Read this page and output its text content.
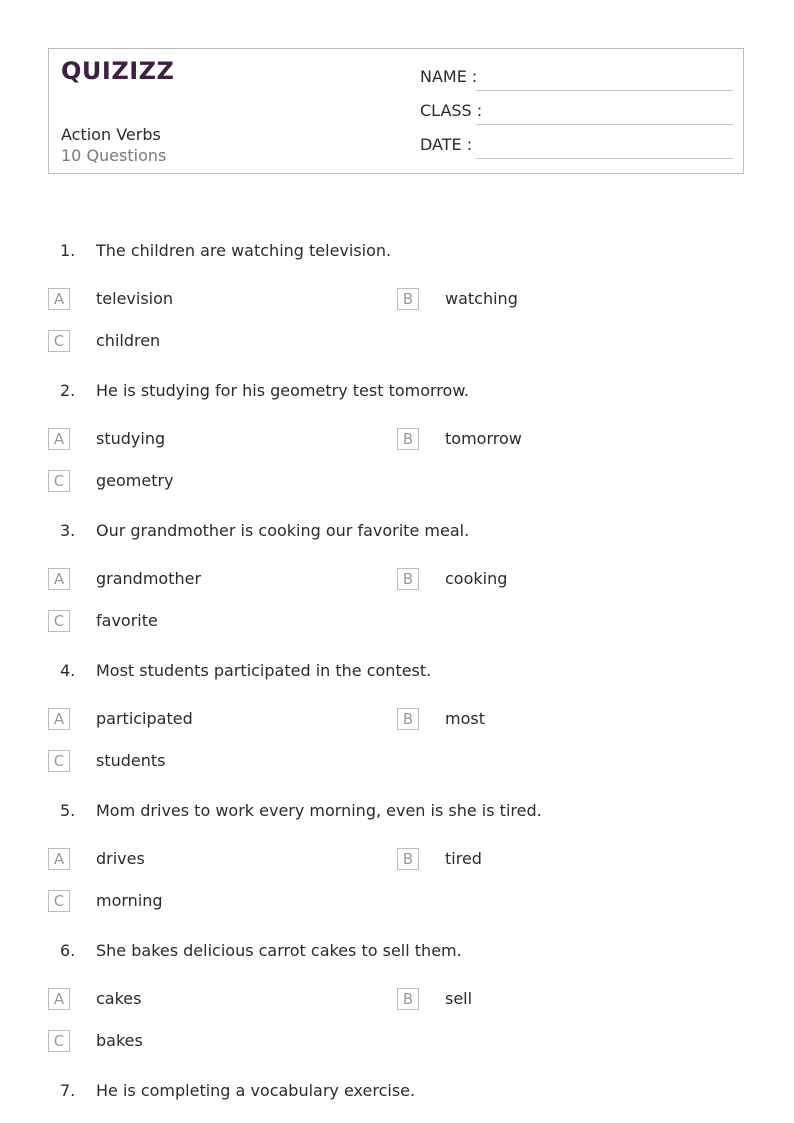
QUIZIZZ
Action Verbs
10 Questions
NAME :
CLASS :
DATE :
1. The children are watching television.
A	television	B	watching
C	children
2. He is studying for his geometry test tomorrow.
A	studying	B	tomorrow
C	geometry
3. Our grandmother is cooking our favorite meal.
A	grandmother	B	cooking
C	favorite
4. Most students participated in the contest.
A	participated	B	most
C	students
5. Mom drives to work every morning, even is she is tired.
A	drives	B	tired
C	morning
6. She bakes delicious carrot cakes to sell them.
A	cakes	B	sell
C	bakes
7. He is completing a vocabulary exercise.
